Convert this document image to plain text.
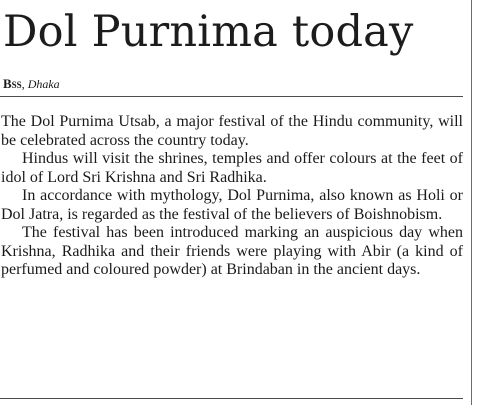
Dol Purnima today
Bss, Dhaka

The Dol Purnima Utsab, a major festival of the Hindu community, will be celebrated across the country today.

Hindus will visit the shrines, temples and offer colours at the feet of idol of Lord Sri Krishna and Sri Radhika.

In accordance with mythology, Dol Purnima, also known as Holi or Dol Jatra, is regarded as the festival of the believers of Boishnobism.

The festival has been introduced marking an auspicious day when Krishna, Radhika and their friends were playing with Abir (a kind of perfumed and coloured powder) at Brindaban in the ancient days.
